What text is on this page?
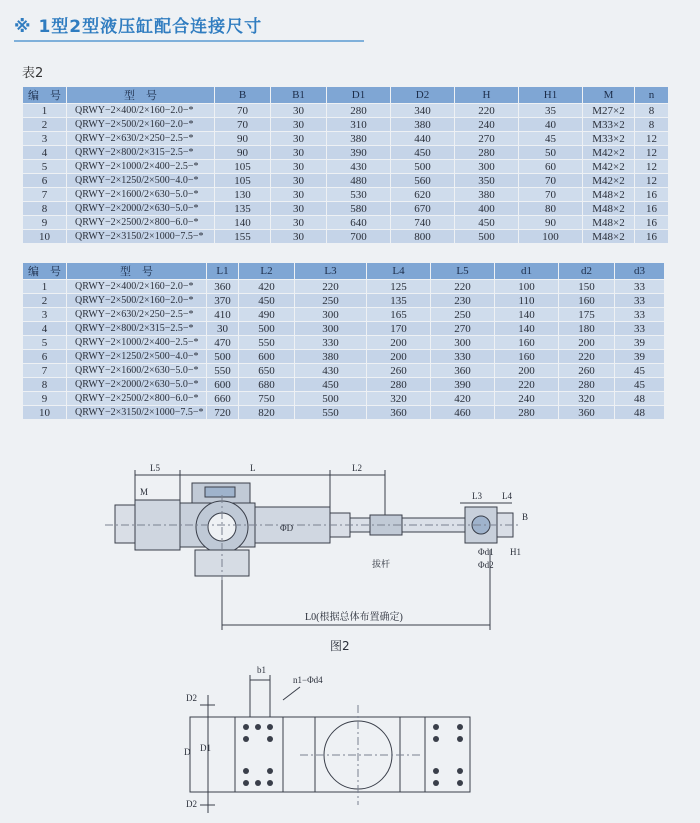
※ 1型2型液压缸配合连接尺寸
表2
编　号	型　号	B	B1	D1	D2	H	H1	M	n
1	QRWY−2×400/2×160−2.0−*	70	30	280	340	220	35	M27×2	8
2	QRWY−2×500/2×160−2.0−*	70	30	310	380	240	40	M33×2	8
3	QRWY−2×630/2×250−2.5−*	90	30	380	440	270	45	M33×2	12
4	QRWY−2×800/2×315−2.5−*	90	30	390	450	280	50	M42×2	12
5	QRWY−2×1000/2×400−2.5−*	105	30	430	500	300	60	M42×2	12
6	QRWY−2×1250/2×500−4.0−*	105	30	480	560	350	70	M42×2	12
7	QRWY−2×1600/2×630−5.0−*	130	30	530	620	380	70	M48×2	16
8	QRWY−2×2000/2×630−5.0−*	135	30	580	670	400	80	M48×2	16
9	QRWY−2×2500/2×800−6.0−*	140	30	640	740	450	90	M48×2	16
10	QRWY−2×3150/2×1000−7.5−*	155	30	700	800	500	100	M48×2	16
编　号	型　号	L1	L2	L3	L4	L5	d1	d2	d3
1	QRWY−2×400/2×160−2.0−*	360	420	220	125	220	100	150	33
2	QRWY−2×500/2×160−2.0−*	370	450	250	135	230	110	160	33
3	QRWY−2×630/2×250−2.5−*	410	490	300	165	250	140	175	33
4	QRWY−2×800/2×315−2.5−*	30	500	300	170	270	140	180	33
5	QRWY−2×1000/2×400−2.5−*	470	550	330	200	300	160	200	39
6	QRWY−2×1250/2×500−4.0−*	500	600	380	200	330	160	220	39
7	QRWY−2×1600/2×630−5.0−*	550	650	430	260	360	200	260	45
8	QRWY−2×2000/2×630−5.0−*	600	680	450	280	390	220	280	45
9	QRWY−2×2500/2×800−6.0−*	660	750	500	320	420	240	320	48
10	QRWY−2×3150/2×1000−7.5−*	720	820	550	360	460	280	360	48
L5	L	L2
M	L3 L4
B
H1
Φd1
Φd2
ΦD
拔杆
L0(根据总体布置确定)
b1
n1−Φd4
D2
D1
D
D2
图2
